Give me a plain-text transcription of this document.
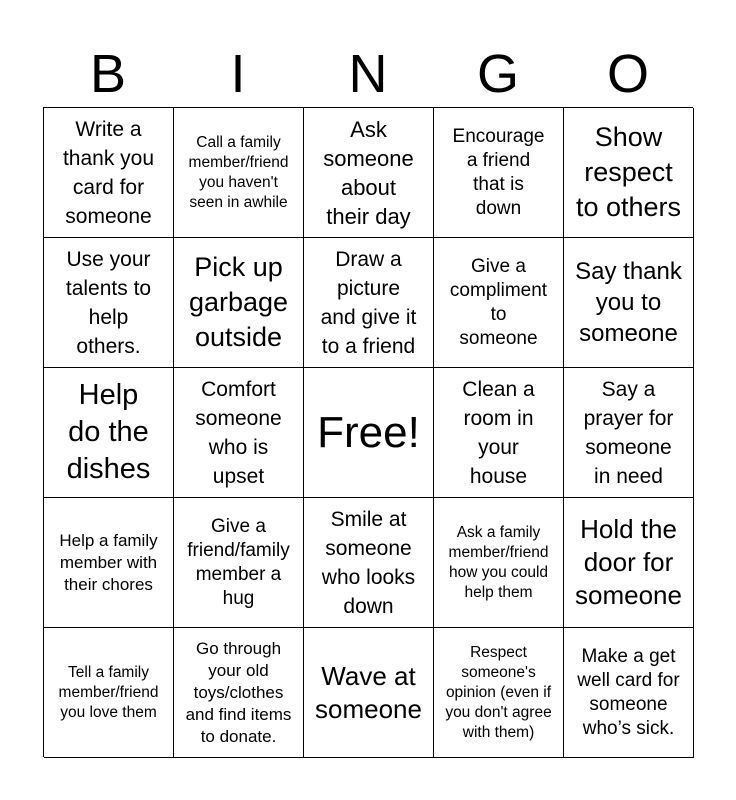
B	I	N	G	O
Write a
thank you
card for
someone
Call a family
member/friend
you haven't
seen in awhile
Ask
someone
about
their day
Encourage
a friend
that is
down
Show
respect
to others
Use your
talents to
help
others.
Pick up
garbage
outside
Draw a
picture
and give it
to a friend
Give a
compliment
to
someone
Say thank
you to
someone
Help
do the
dishes
Comfort
someone
who is
upset
Free!
Clean a
room in
your
house
Say a
prayer for
someone
in need
Help a family
member with
their chores
Give a
friend/family
member a
hug
Smile at
someone
who looks
down
Ask a family
member/friend
how you could
help them
Hold the
door for
someone
Tell a family
member/friend
you love them
Go through
your old
toys/clothes
and find items
to donate.
Wave at
someone
Respect
someone's
opinion (even if
you don't agree
with them)
Make a get
well card for
someone
who’s sick.
